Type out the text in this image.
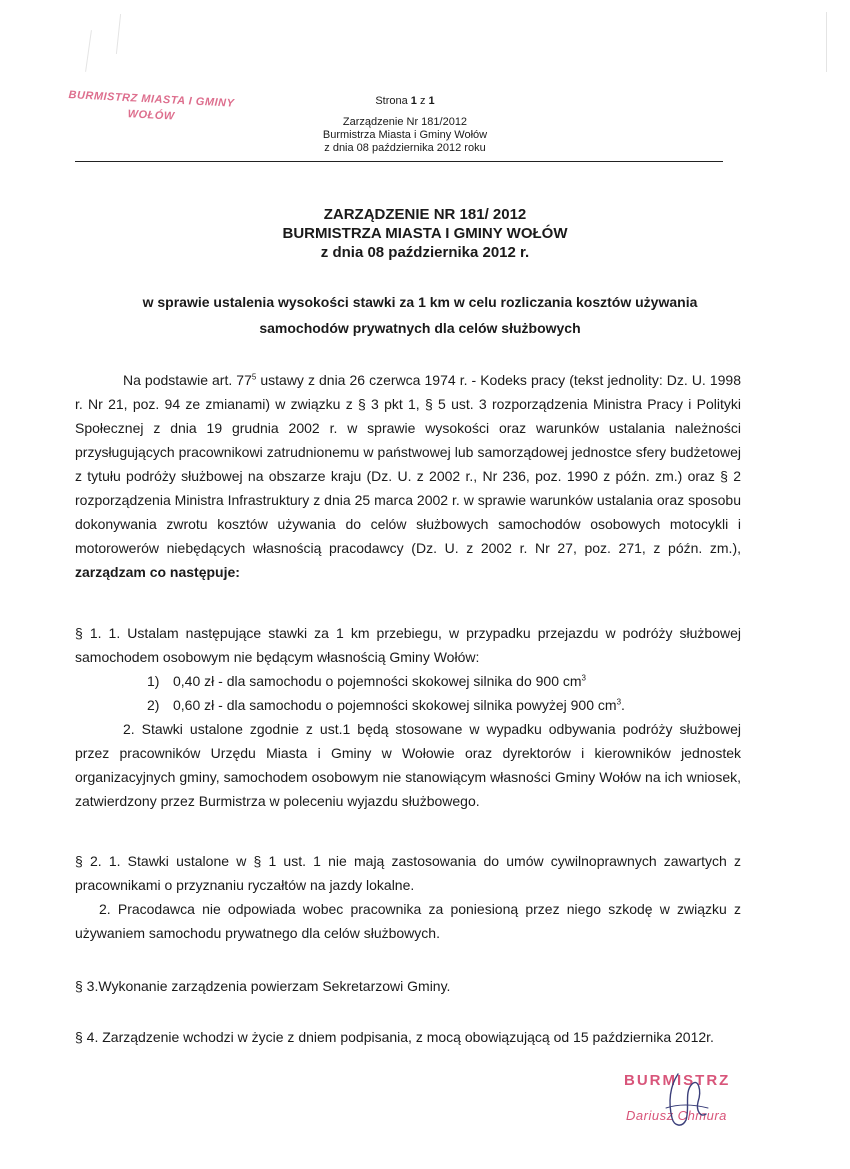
BURMISTRZ MIASTA I GMINY
WOŁÓW
Strona 1 z 1
Zarządzenie Nr 181/2012
Burmistrza Miasta i Gminy Wołów
z dnia 08 października 2012 roku
ZARZĄDZENIE NR 181/ 2012
BURMISTRZA MIASTA I GMINY WOŁÓW
z dnia 08 października 2012 r.
w sprawie ustalenia wysokości stawki za 1 km w celu rozliczania kosztów używania
samochodów prywatnych dla celów służbowych
Na podstawie art. $77^5$ ustawy z dnia 26 czerwca 1974 r. - Kodeks pracy (tekst jednolity: Dz. U. 1998 r. Nr 21, poz. 94 ze zmianami) w związku z § 3 pkt 1, § 5 ust. 3 rozporządzenia Ministra Pracy i Polityki Społecznej z dnia 19 grudnia 2002 r. w sprawie wysokości oraz warunków ustalania należności przysługujących pracownikowi zatrudnionemu w państwowej lub samorządowej jednostce sfery budżetowej z tytułu podróży służbowej na obszarze kraju (Dz. U. z 2002 r., Nr 236, poz. 1990 z późn. zm.) oraz § 2 rozporządzenia Ministra Infrastruktury z dnia 25 marca 2002 r. w sprawie warunków ustalania oraz sposobu dokonywania zwrotu kosztów używania do celów służbowych samochodów osobowych motocykli i motorowerów niebędących własnością pracodawcy (Dz. U. z 2002 r. Nr 27, poz. 271, z późn. zm.), zarządzam co następuje:
§ 1. 1. Ustalam następujące stawki za 1 km przebiegu, w przypadku przejazdu w podróży służbowej samochodem osobowym nie będącym własnością Gminy Wołów:
1) 0,40 zł - dla samochodu o pojemności skokowej silnika do 900 $cm^3$
2) 0,60 zł - dla samochodu o pojemności skokowej silnika powyżej 900 $cm^3$.
2. Stawki ustalone zgodnie z ust.1 będą stosowane w wypadku odbywania podróży służbowej przez pracowników Urzędu Miasta i Gminy w Wołowie oraz dyrektorów i kierowników jednostek organizacyjnych gminy, samochodem osobowym nie stanowiącym własności Gminy Wołów na ich wniosek, zatwierdzony przez Burmistrza w poleceniu wyjazdu służbowego.
§ 2. 1. Stawki ustalone w § 1 ust. 1 nie mają zastosowania do umów cywilnoprawnych zawartych z pracownikami o przyznaniu ryczałtów na jazdy lokalne.
2. Pracodawca nie odpowiada wobec pracownika za poniesioną przez niego szkodę w związku z używaniem samochodu prywatnego dla celów służbowych.
§ 3.Wykonanie zarządzenia powierzam Sekretarzowi Gminy.
§ 4. Zarządzenie wchodzi w życie z dniem podpisania, z mocą obowiązującą od 15 października 2012r.
BURMISTRZ
Dariusz Chmura
